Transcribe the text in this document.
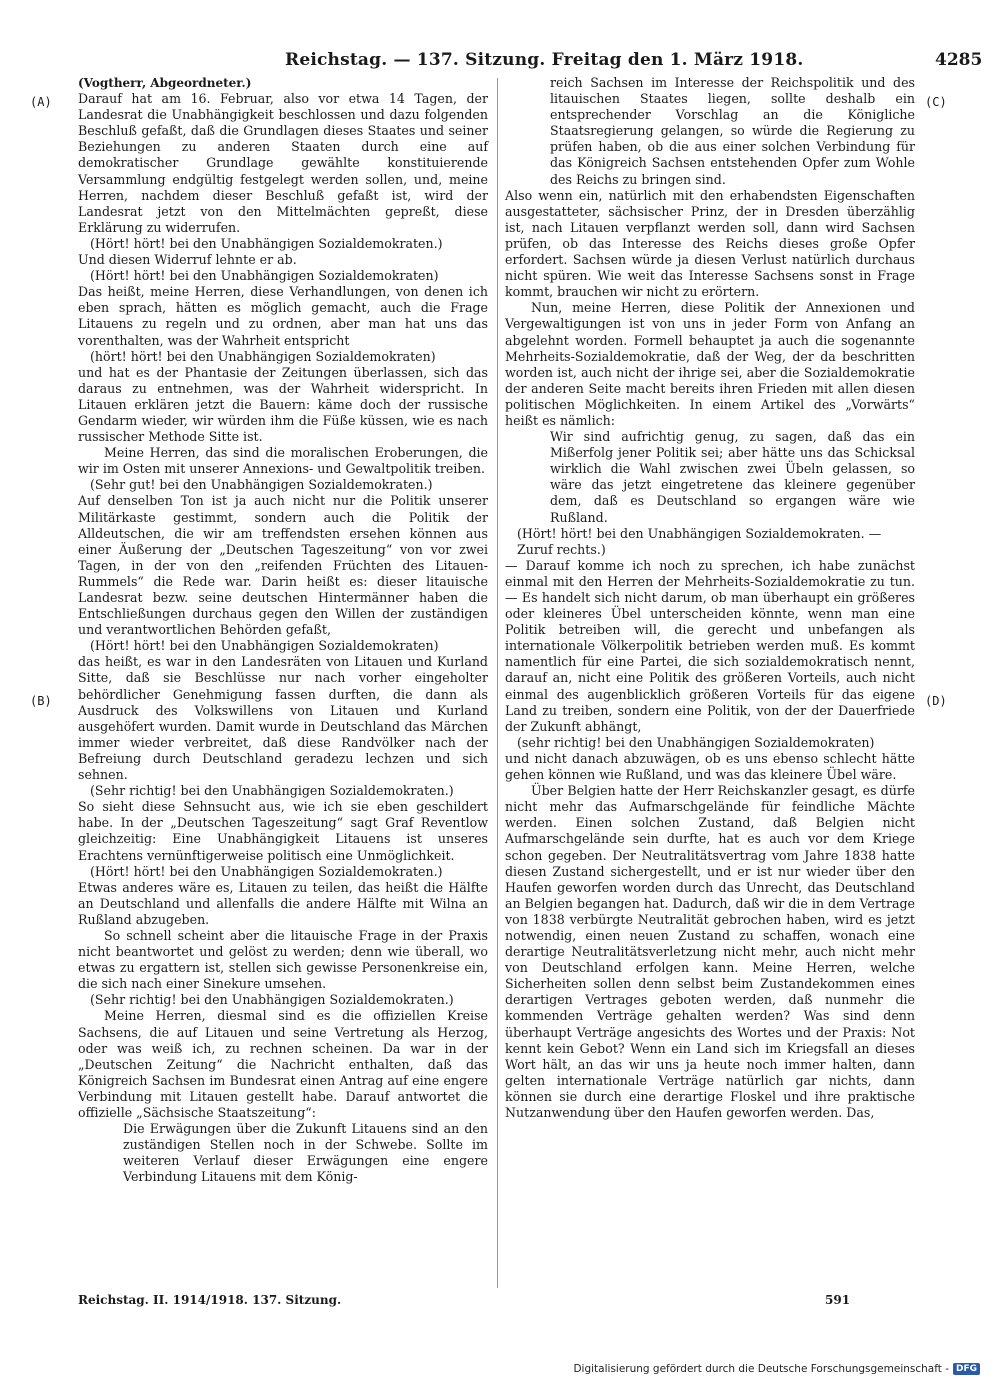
Reichstag. — 137. Sitzung. Freitag den 1. März 1918.	4285
(A)
(B)
(C)
(D)

(Vogtherr, Abgeordneter.)

Darauf hat am 16. Februar, also vor etwa 14 Tagen, der Landesrat die Unabhängigkeit beschlossen und dazu folgenden Beschluß gefaßt, daß die Grundlagen dieses Staates und seiner Beziehungen zu anderen Staaten durch eine auf demokratischer Grundlage gewählte konstituierende Versammlung endgültig festgelegt werden sollen, und, meine Herren, nachdem dieser Beschluß gefaßt ist, wird der Landesrat jetzt von den Mittelmächten gepreßt, diese Erklärung zu widerrufen.

(Hört! hört! bei den Unabhängigen Sozialdemokraten.)

Und diesen Widerruf lehnte er ab.

(Hört! hört! bei den Unabhängigen Sozialdemokraten)

Das heißt, meine Herren, diese Verhandlungen, von denen ich eben sprach, hätten es möglich gemacht, auch die Frage Litauens zu regeln und zu ordnen, aber man hat uns das vorenthalten, was der Wahrheit entspricht

(hört! hört! bei den Unabhängigen Sozialdemokraten)

und hat es der Phantasie der Zeitungen überlassen, sich das daraus zu entnehmen, was der Wahrheit widerspricht. In Litauen erklären jetzt die Bauern: käme doch der russische Gendarm wieder, wir würden ihm die Füße küssen, wie es nach russischer Methode Sitte ist.

Meine Herren, das sind die moralischen Eroberungen, die wir im Osten mit unserer Annexions- und Gewaltpolitik treiben.

(Sehr gut! bei den Unabhängigen Sozialdemokraten.)

Auf denselben Ton ist ja auch nicht nur die Politik unserer Militärkaste gestimmt, sondern auch die Politik der Alldeutschen, die wir am treffendsten ersehen können aus einer Äußerung der „Deutschen Tageszeitung“ von vor zwei Tagen, in der von den „reifenden Früchten des Litauen-Rummels“ die Rede war. Darin heißt es: dieser litauische Landesrat bezw. seine deutschen Hintermänner haben die Entschließungen durchaus gegen den Willen der zuständigen und verantwortlichen Behörden gefaßt,

(Hört! hört! bei den Unabhängigen Sozialdemokraten)

das heißt, es war in den Landesräten von Litauen und Kurland Sitte, daß sie Beschlüsse nur nach vorher eingeholter behördlicher Genehmigung fassen durften, die dann als Ausdruck des Volkswillens von Litauen und Kurland ausgehöfert wurden. Damit wurde in Deutschland das Märchen immer wieder verbreitet, daß diese Randvölker nach der Befreiung durch Deutschland geradezu lechzen und sich sehnen.

(Sehr richtig! bei den Unabhängigen Sozialdemokraten.)

So sieht diese Sehnsucht aus, wie ich sie eben geschildert habe. In der „Deutschen Tageszeitung“ sagt Graf Reventlow gleichzeitig: Eine Unabhängigkeit Litauens ist unseres Erachtens vernünftigerweise politisch eine Unmöglichkeit.

(Hört! hört! bei den Unabhängigen Sozialdemokraten.)

Etwas anderes wäre es, Litauen zu teilen, das heißt die Hälfte an Deutschland und allenfalls die andere Hälfte mit Wilna an Rußland abzugeben.

So schnell scheint aber die litauische Frage in der Praxis nicht beantwortet und gelöst zu werden; denn wie überall, wo etwas zu ergattern ist, stellen sich gewisse Personenkreise ein, die sich nach einer Sinekure umsehen.

(Sehr richtig! bei den Unabhängigen Sozialdemokraten.)

Meine Herren, diesmal sind es die offiziellen Kreise Sachsens, die auf Litauen und seine Vertretung als Herzog, oder was weiß ich, zu rechnen scheinen. Da war in der „Deutschen Zeitung“ die Nachricht enthalten, daß das Königreich Sachsen im Bundesrat einen Antrag auf eine engere Verbindung mit Litauen gestellt habe. Darauf antwortet die offizielle „Sächsische Staatszeitung“:

Die Erwägungen über die Zukunft Litauens sind an den zuständigen Stellen noch in der Schwebe. Sollte im weiteren Verlauf dieser Erwägungen eine engere Verbindung Litauens mit dem König-

reich Sachsen im Interesse der Reichspolitik und des litauischen Staates liegen, sollte deshalb ein entsprechender Vorschlag an die Königliche Staatsregierung gelangen, so würde die Regierung zu prüfen haben, ob die aus einer solchen Verbindung für das Königreich Sachsen entstehenden Opfer zum Wohle des Reichs zu bringen sind.

Also wenn ein, natürlich mit den erhabendsten Eigenschaften ausgestatteter, sächsischer Prinz, der in Dresden überzählig ist, nach Litauen verpflanzt werden soll, dann wird Sachsen prüfen, ob das Interesse des Reichs dieses große Opfer erfordert. Sachsen würde ja diesen Verlust natürlich durchaus nicht spüren. Wie weit das Interesse Sachsens sonst in Frage kommt, brauchen wir nicht zu erörtern.

Nun, meine Herren, diese Politik der Annexionen und Vergewaltigungen ist von uns in jeder Form von Anfang an abgelehnt worden. Formell behauptet ja auch die sogenannte Mehrheits-Sozialdemokratie, daß der Weg, der da beschritten worden ist, auch nicht der ihrige sei, aber die Sozialdemokratie der anderen Seite macht bereits ihren Frieden mit allen diesen politischen Möglichkeiten. In einem Artikel des „Vorwärts“ heißt es nämlich:

Wir sind aufrichtig genug, zu sagen, daß das ein Mißerfolg jener Politik sei; aber hätte uns das Schicksal wirklich die Wahl zwischen zwei Übeln gelassen, so wäre das jetzt eingetretene das kleinere gegenüber dem, daß es Deutschland so ergangen wäre wie Rußland.

(Hört! hört! bei den Unabhängigen Sozialdemokraten. — Zuruf rechts.)

— Darauf komme ich noch zu sprechen, ich habe zunächst einmal mit den Herren der Mehrheits-Sozialdemokratie zu tun. — Es handelt sich nicht darum, ob man überhaupt ein größeres oder kleineres Übel unterscheiden könnte, wenn man eine Politik betreiben will, die gerecht und unbefangen als internationale Völkerpolitik betrieben werden muß. Es kommt namentlich für eine Partei, die sich sozialdemokratisch nennt, darauf an, nicht eine Politik des größeren Vorteils, auch nicht einmal des augenblicklich größeren Vorteils für das eigene Land zu treiben, sondern eine Politik, von der der Dauerfriede der Zukunft abhängt,

(sehr richtig! bei den Unabhängigen Sozialdemokraten)

und nicht danach abzuwägen, ob es uns ebenso schlecht hätte gehen können wie Rußland, und was das kleinere Übel wäre.

Über Belgien hatte der Herr Reichskanzler gesagt, es dürfe nicht mehr das Aufmarschgelände für feindliche Mächte werden. Einen solchen Zustand, daß Belgien nicht Aufmarschgelände sein durfte, hat es auch vor dem Kriege schon gegeben. Der Neutralitätsvertrag vom Jahre 1838 hatte diesen Zustand sichergestellt, und er ist nur wieder über den Haufen geworfen worden durch das Unrecht, das Deutschland an Belgien begangen hat. Dadurch, daß wir die in dem Vertrage von 1838 verbürgte Neutralität gebrochen haben, wird es jetzt notwendig, einen neuen Zustand zu schaffen, wonach eine derartige Neutralitätsverletzung nicht mehr, auch nicht mehr von Deutschland erfolgen kann. Meine Herren, welche Sicherheiten sollen denn selbst beim Zustandekommen eines derartigen Vertrages geboten werden, daß nunmehr die kommenden Verträge gehalten werden? Was sind denn überhaupt Verträge angesichts des Wortes und der Praxis: Not kennt kein Gebot? Wenn ein Land sich im Kriegsfall an dieses Wort hält, an das wir uns ja heute noch immer halten, dann gelten internationale Verträge natürlich gar nichts, dann können sie durch eine derartige Floskel und ihre praktische Nutzanwendung über den Haufen geworfen werden. Das,

Reichstag. II. 1914/1918. 137. Sitzung.	591
Digitalisierung gefördert durch die Deutsche Forschungsgemeinschaft - DFG
